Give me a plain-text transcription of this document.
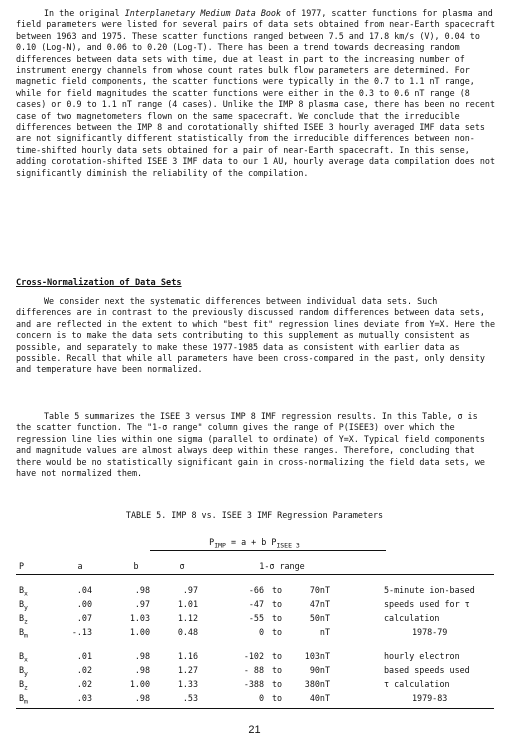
In the original Interplanetary Medium Data Book of 1977, scatter functions for plasma and field parameters were listed for several pairs of data sets obtained from near-Earth spacecraft between 1963 and 1975. These scatter functions ranged between 7.5 and 17.8 km/s (V), 0.04 to 0.10 (Log-N), and 0.06 to 0.20 (Log-T). There has been a trend towards decreasing random differences between data sets with time, due at least in part to the increasing number of instrument energy channels from whose count rates bulk flow parameters are determined. For magnetic field components, the scatter functions were typically in the 0.7 to 1.1 nT range, while for field magnitudes the scatter functions were either in the 0.3 to 0.6 nT range (8 cases) or 0.9 to 1.1 nT range (4 cases). Unlike the IMP 8 plasma case, there has been no recent case of two magnetometers flown on the same spacecraft. We conclude that the irreducible differences between the IMP 8 and corotationally shifted ISEE 3 hourly averaged IMF data sets are not significantly different statistically from the irreducible differences between non-time-shifted hourly data sets obtained for a pair of near-Earth spacecraft. In this sense, adding corotation-shifted ISEE 3 IMF data to our 1 AU, hourly average data compilation does not significantly diminish the reliability of the compilation.

Cross-Normalization of Data Sets

We consider next the systematic differences between individual data sets. Such differences are in contrast to the previously discussed random differences between data sets, and are reflected in the extent to which "best fit" regression lines deviate from Y=X. Here the concern is to make the data sets contributing to this supplement as mutually consistent as possible, and separately to make these 1977-1985 data as consistent with earlier data as possible. Recall that while all parameters have been cross-compared in the past, only density and temperature have been normalized.

Table 5 summarizes the ISEE 3 versus IMP 8 IMF regression results. In this Table, σ is the scatter function. The "1-σ range" column gives the range of P(ISEE3) over which the regression line lies within one sigma (parallel to ordinate) of Y=X. Typical field components and magnitude values are almost always deep within these ranges. Therefore, concluding that there would be no statistically significant gain in cross-normalizing the field data sets, we have not normalized them.

TABLE 5. IMP 8 vs. ISEE 3 IMF Regression Parameters

$P_{IMP} = a + b$ $P_{ISEE 3}$

P	a	b	σ	1-σ range
$B_x$	.04	.98	.97	-66 to	70nT
$B_y$	.00	.97	1.01	-47 to	47nT
$B_z$	.07	1.03	1.12	-55 to	50nT
$B_m$	-.13	1.00	0.48	0 to	nT
5-minute ion-based
speeds used for τ
calculation
1978-79
$B_x$	.01	.98	1.16	-102 to	103nT
$B_y$	.02	.98	1.27	- 88 to	90nT
$B_z$	.02	1.00	1.33	-388 to	380nT
$B_m$	.03	.98	.53	0 to	40nT
hourly electron
based speeds used
τ calculation
1979-83
21
